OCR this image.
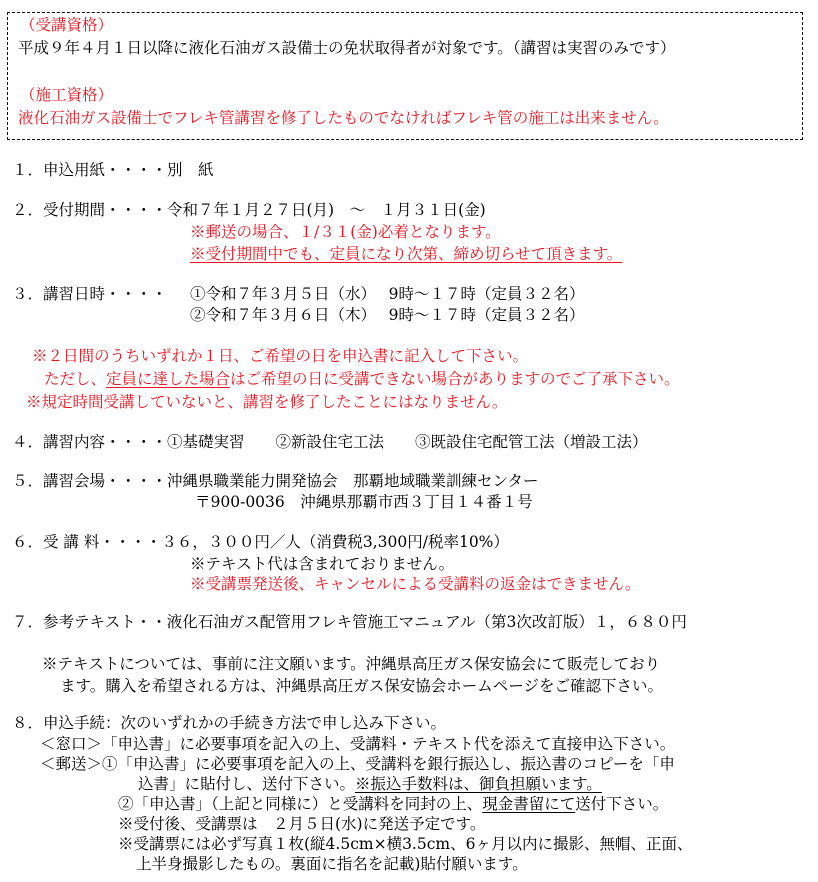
（受講資格）
平成９年４月１日以降に液化石油ガス設備士の免状取得者が対象です。（講習は実習のみです）
（施工資格）
液化石油ガス設備士でフレキ管講習を修了したものでなければフレキ管の施工は出来ません。
１．申込用紙・・・・別　紙
２．受付期間・・・・令和７年１月２７日(月)　～　１月３１日(金)
※郵送の場合、１/３１(金)必着となります。
※受付期間中でも、定員になり次第、締め切らせて頂きます。
３．講習日時・・・・ ①令和７年３月５日（水）　 9時～１７時（定員３２名）
②令和７年３月６日（木）　 9時～１７時（定員３２名）
※２日間のうちいずれか１日、ご希望の日を申込書に記入して下さい。
ただし、定員に達した場合はご希望の日に受講できない場合がありますのでご了承下さい。
※規定時間受講していないと、講習を修了したことにはなりません。
４．講習内容・・・・①基礎実習　　②新設住宅工法　　③既設住宅配管工法（増設工法）
５．講習会場・・・・沖縄県職業能力開発協会　那覇地域職業訓練センター
〒900-0036　沖縄県那覇市西３丁目１４番１号
６．受 講 料・・・・３６，３００円／人（消費税3,300円/税率10%）
※テキスト代は含まれておりません。
※受講票発送後、キャンセルによる受講料の返金はできません。
７．参考テキスト・・液化石油ガス配管用フレキ管施工マニュアル（第3次改訂版）１，６８０円
※テキストについては、事前に注文願います。沖縄県高圧ガス保安協会にて販売しており
ます。購入を希望される方は、沖縄県高圧ガス保安協会ホームページをご確認下さい。
８．申込手続：次のいずれかの手続き方法で申し込み下さい。
＜窓口＞「申込書」に必要事項を記入の上、受講料・テキスト代を添えて直接申込下さい。
＜郵送＞①「申込書」に必要事項を記入の上、受講料を銀行振込し、振込書のコピーを「申
込書」に貼付し、送付下さい。※振込手数料は、御負担願います。
②「申込書」（上記と同様に）と受講料を同封の上、現金書留にて送付下さい。
※受付後、受講票は　２月５日(水)に発送予定です。
※受講票には必ず写真１枚(縦4.5cm×横3.5cm、6ヶ月以内に撮影、無帽、正面、
上半身撮影したもの。裏面に指名を記載)貼付願います。
